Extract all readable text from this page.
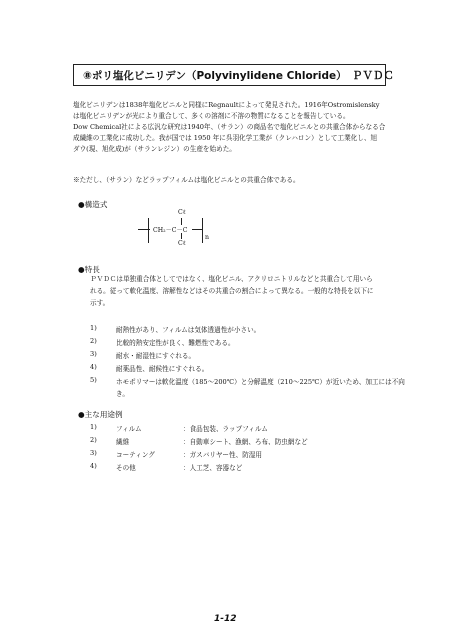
⑧ポリ塩化ビニリデン（Polyvinylidene Chloride）　ＰＶＤＣ
塩化ビニリデンは1838年塩化ビニルと同様にRegnaultによって発見された。1916年Ostromislensky
は塩化ビニリデンが光により重合して、多くの溶剤に不溶の物質になることを報告している。
Dow Chemical社による広汎な研究は1940年、（サラン）の商品名で塩化ビニルとの共重合体からなる合
成繊維の工業化に成功した。我が国では 1950 年に呉羽化学工業が（クレハロン）として工業化し、旭
ダウ(現、旭化成)が（サランレジン）の生産を始めた。
※ただし、（サラン）などラップフィルムは塩化ビニルとの共重合体である。
●構造式
Cℓ
CH₂－C－C
n
Cℓ
●特長
ＰＶＤＣは単独重合体としてではなく、塩化ビニル、アクリロニトリルなどと共重合して用いら
れる。従って軟化温度、溶解性などはその共重合の割合によって異なる。一般的な特長を以下に
示す。
1)	耐熱性があり、フィルムは気体透過性が小さい。
2)	比較的熱安定性が良く、難燃性である。
3)	耐水・耐湿性にすぐれる。
4)	耐薬品性、耐候性にすぐれる。
5)	ホモポリマーは軟化温度（185～200℃）と分解温度（210～225℃）が近いため、加工には不向
き。
●主な用途例
1)	フィルム	：食品包装、ラップフィルム
2)	繊維	：自動車シート、漁網、ろ布、防虫網など
3)	コーティング	：ガスバリヤー性、防湿用
4)	その他	：人工芝、容器など
1-12
